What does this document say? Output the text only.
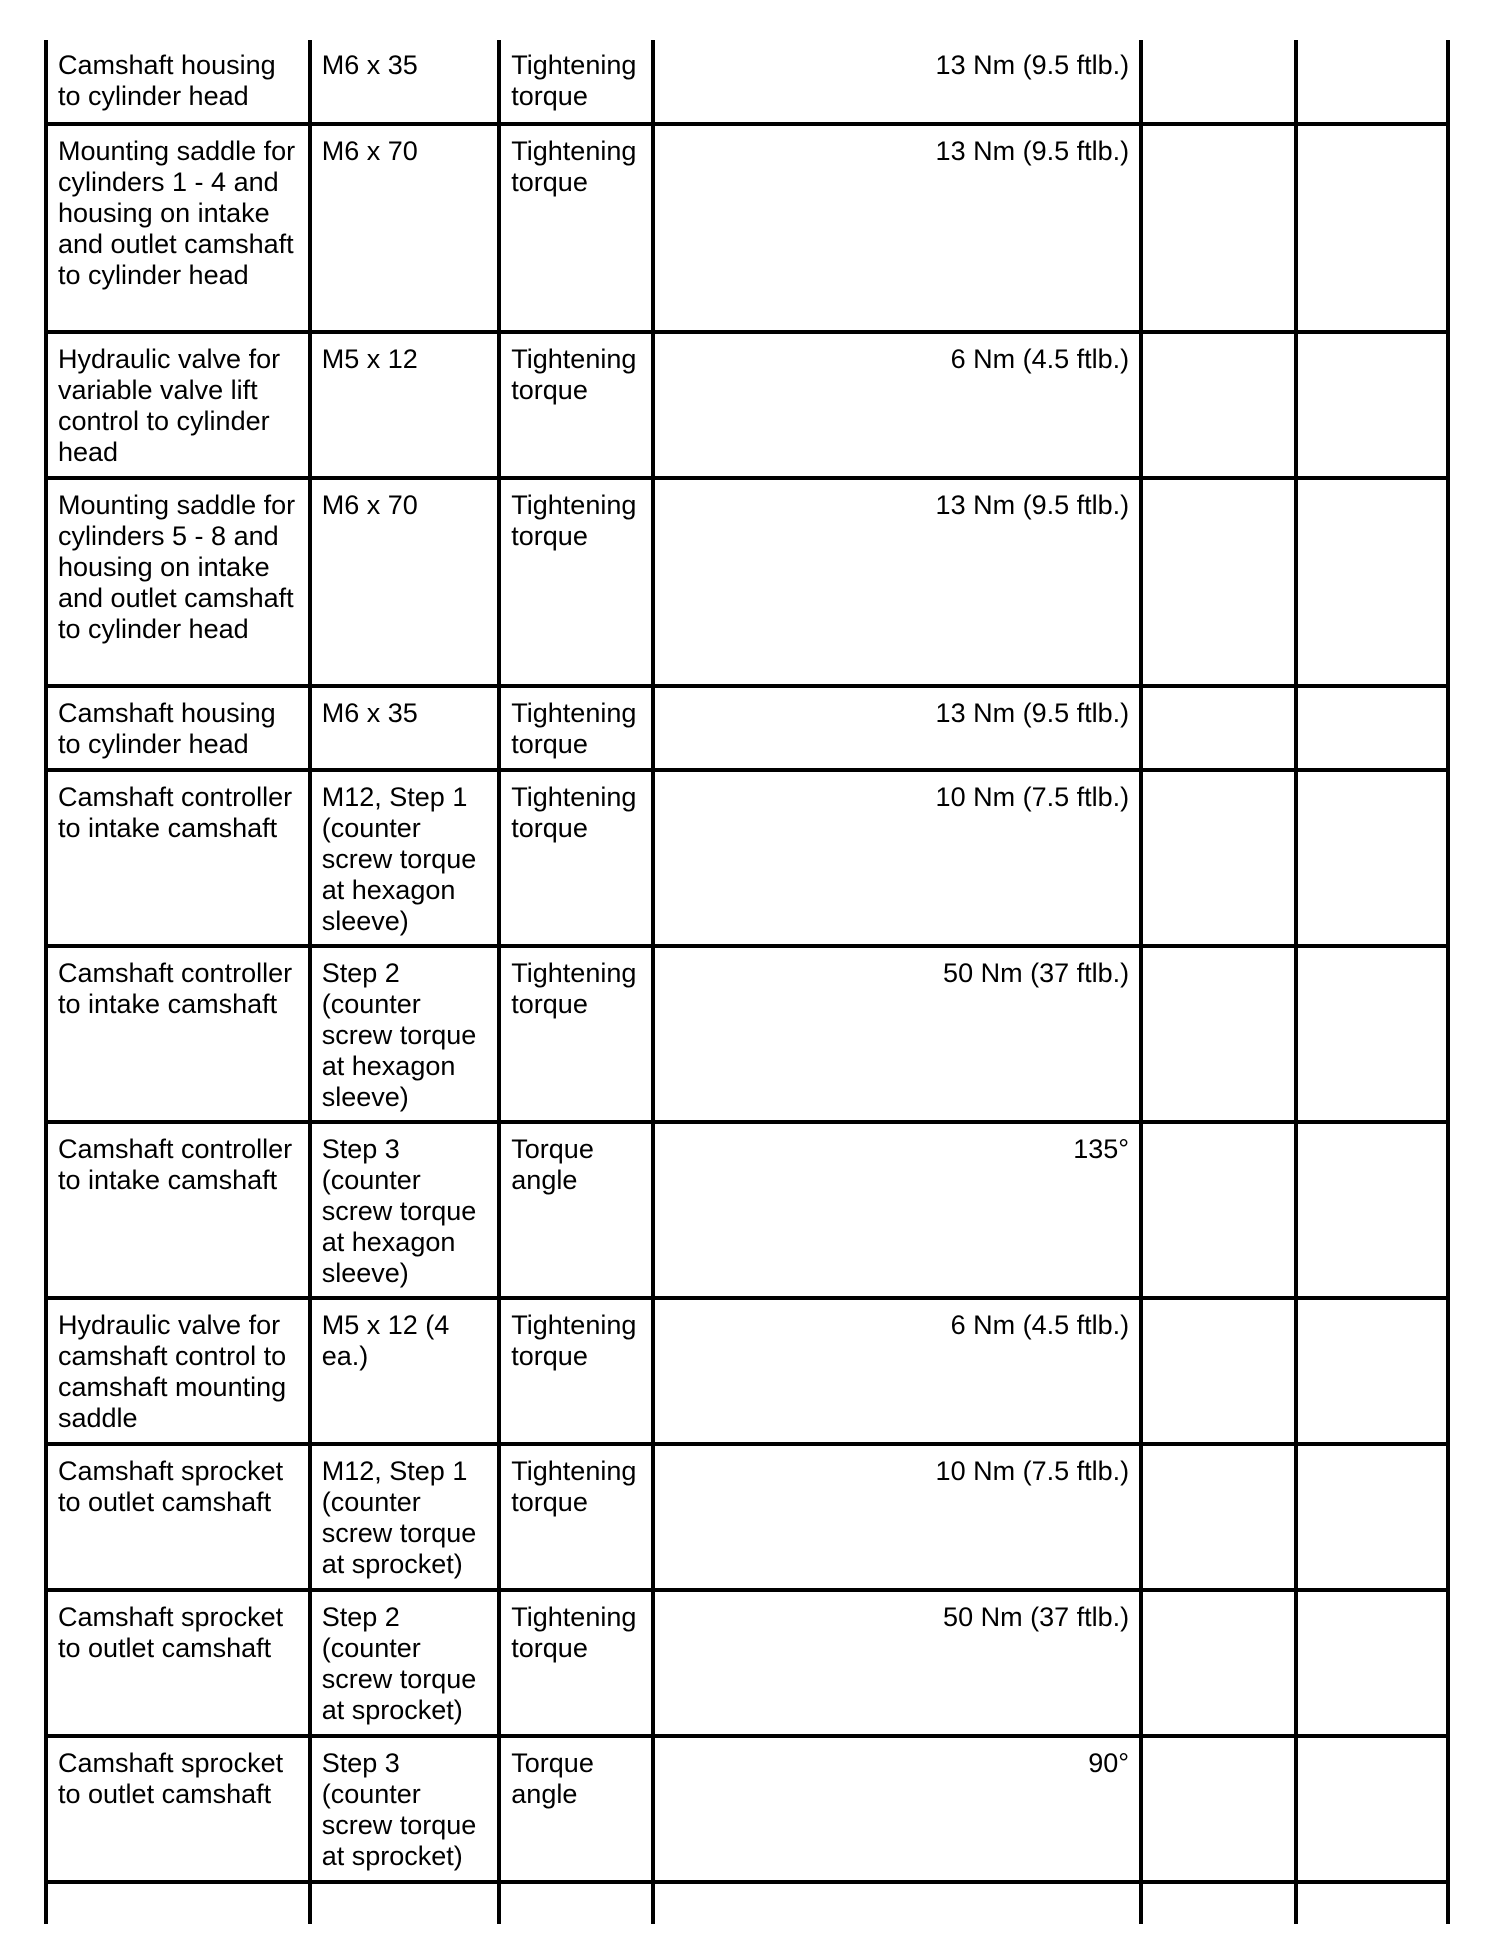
Camshaft housing to cylinder head	M6 x 35	Tightening torque	13 Nm (9.5 ftlb.)		
Mounting saddle for cylinders 1 - 4 and housing on intake and outlet camshaft to cylinder head	M6 x 70	Tightening torque	13 Nm (9.5 ftlb.)		
Hydraulic valve for variable valve lift control to cylinder head	M5 x 12	Tightening torque	6 Nm (4.5 ftlb.)		
Mounting saddle for cylinders 5 - 8 and housing on intake and outlet camshaft to cylinder head	M6 x 70	Tightening torque	13 Nm (9.5 ftlb.)		
Camshaft housing to cylinder head	M6 x 35	Tightening torque	13 Nm (9.5 ftlb.)		
Camshaft controller to intake camshaft	M12, Step 1 (counter screw torque at hexagon sleeve)	Tightening torque	10 Nm (7.5 ftlb.)		
Camshaft controller to intake camshaft	Step 2 (counter screw torque at hexagon sleeve)	Tightening torque	50 Nm (37 ftlb.)		
Camshaft controller to intake camshaft	Step 3 (counter screw torque at hexagon sleeve)	Torque angle	135°		
Hydraulic valve for camshaft control to camshaft mounting saddle	M5 x 12 (4 ea.)	Tightening torque	6 Nm (4.5 ftlb.)		
Camshaft sprocket to outlet camshaft	M12, Step 1 (counter screw torque at sprocket)	Tightening torque	10 Nm (7.5 ftlb.)		
Camshaft sprocket to outlet camshaft	Step 2 (counter screw torque at sprocket)	Tightening torque	50 Nm (37 ftlb.)		
Camshaft sprocket to outlet camshaft	Step 3 (counter screw torque at sprocket)	Torque angle	90°		
